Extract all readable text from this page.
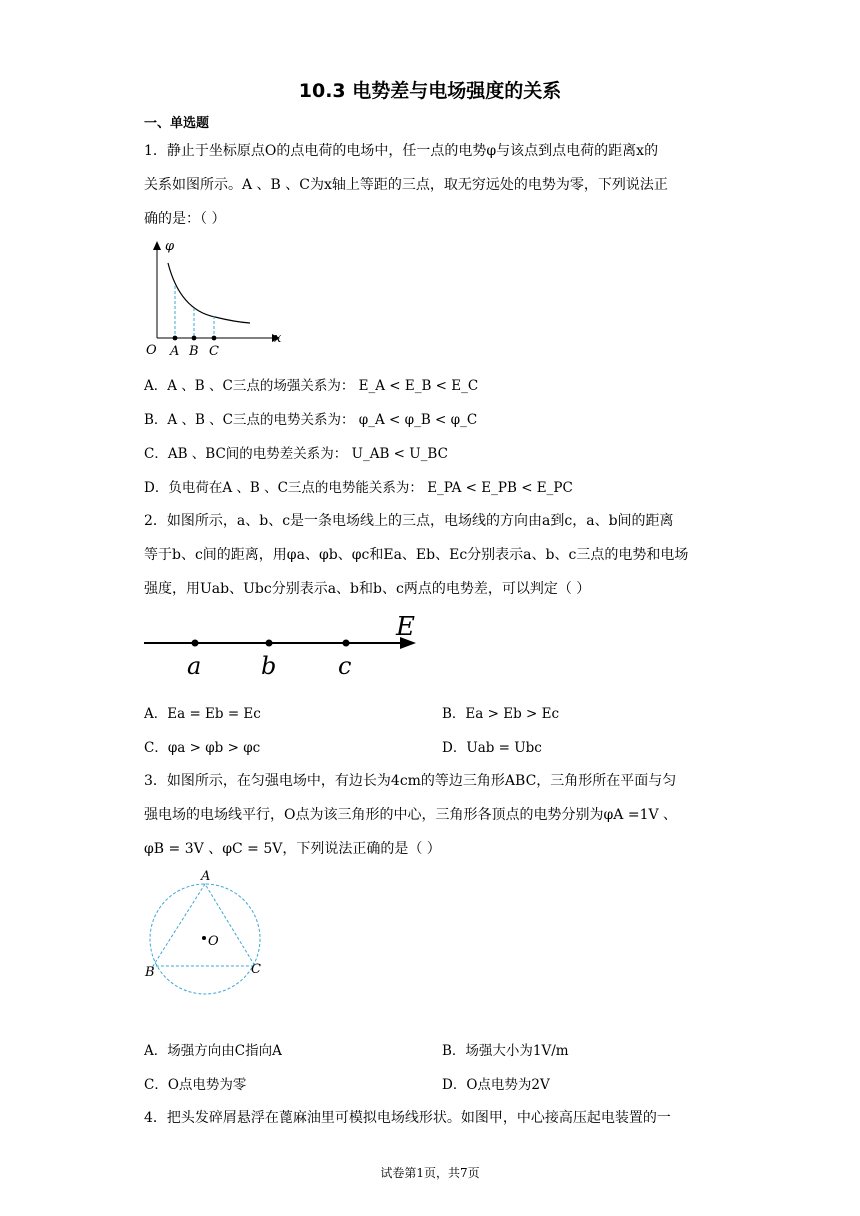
10.3 电势差与电场强度的关系
一、单选题
1．静止于坐标原点O的点电荷的电场中，任一点的电势φ与该点到点电荷的距离x的
关系如图所示。A 、B 、C为x轴上等距的三点，取无穷远处的电势为零，下列说法正
确的是：（ ）
φ
x
O A B C
A．A 、B 、C三点的场强关系为： E_A < E_B < E_C
B．A 、B 、C三点的电势关系为： φ_A < φ_B < φ_C
C．AB 、BC间的电势差关系为： U_AB < U_BC
D．负电荷在A 、B 、C三点的电势能关系为： E_PA < E_PB < E_PC
2．如图所示，a、b、c是一条电场线上的三点，电场线的方向由a到c，a、b间的距离
等于b、c间的距离，用φa、φb、φc和Ea、Eb、Ec分别表示a、b、c三点的电势和电场
强度，用Uab、Ubc分别表示a、b和b、c两点的电势差，可以判定（ ）
E
a b	c
A．Ea = Eb = Ec	B．Ea > Eb > Ec
C．φa > φb > φc	D．Uab = Ubc
3．如图所示，在匀强电场中，有边长为4cm的等边三角形ABC，三角形所在平面与匀
强电场的电场线平行，O点为该三角形的中心，三角形各顶点的电势分别为φA =1V 、
φB = 3V 、φC = 5V，下列说法正确的是（ ）
A
B	C
O
A．场强方向由C指向A	B．场强大小为1V/m
C．O点电势为零	D．O点电势为2V
4．把头发碎屑悬浮在蓖麻油里可模拟电场线形状。如图甲，中心接高压起电装置的一
试卷第1页，共7页
